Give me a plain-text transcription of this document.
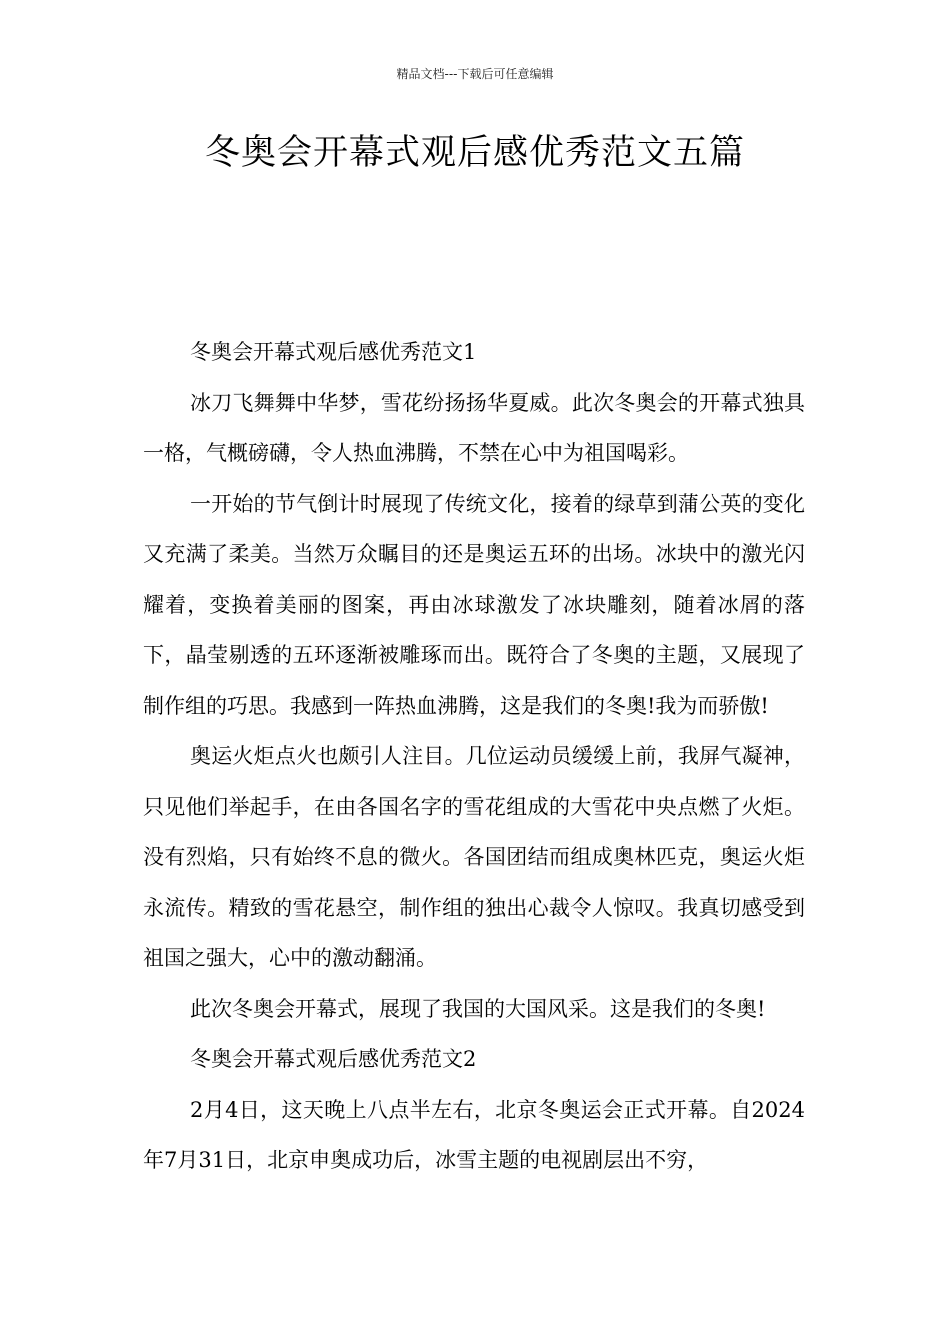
精品文档---下载后可任意编辑
冬奥会开幕式观后感优秀范文五篇

冬奥会开幕式观后感优秀范文1

冰刀飞舞舞中华梦，雪花纷扬扬华夏威。此次冬奥会的开幕式独具一格，气概磅礴，令人热血沸腾，不禁在心中为祖国喝彩。

一开始的节气倒计时展现了传统文化，接着的绿草到蒲公英的变化又充满了柔美。当然万众瞩目的还是奥运五环的出场。冰块中的激光闪耀着，变换着美丽的图案，再由冰球激发了冰块雕刻，随着冰屑的落下，晶莹剔透的五环逐渐被雕琢而出。既符合了冬奥的主题，又展现了制作组的巧思。我感到一阵热血沸腾，这是我们的冬奥!我为而骄傲!

奥运火炬点火也颇引人注目。几位运动员缓缓上前，我屏气凝神，只见他们举起手，在由各国名字的雪花组成的大雪花中央点燃了火炬。没有烈焰，只有始终不息的微火。各国团结而组成奥林匹克，奥运火炬永流传。精致的雪花悬空，制作组的独出心裁令人惊叹。我真切感受到祖国之强大，心中的激动翻涌。

此次冬奥会开幕式，展现了我国的大国风采。这是我们的冬奥!

冬奥会开幕式观后感优秀范文2

2月4日，这天晚上八点半左右，北京冬奥运会正式开幕。自2024年7月31日，北京申奥成功后，冰雪主题的电视剧层出不穷，
